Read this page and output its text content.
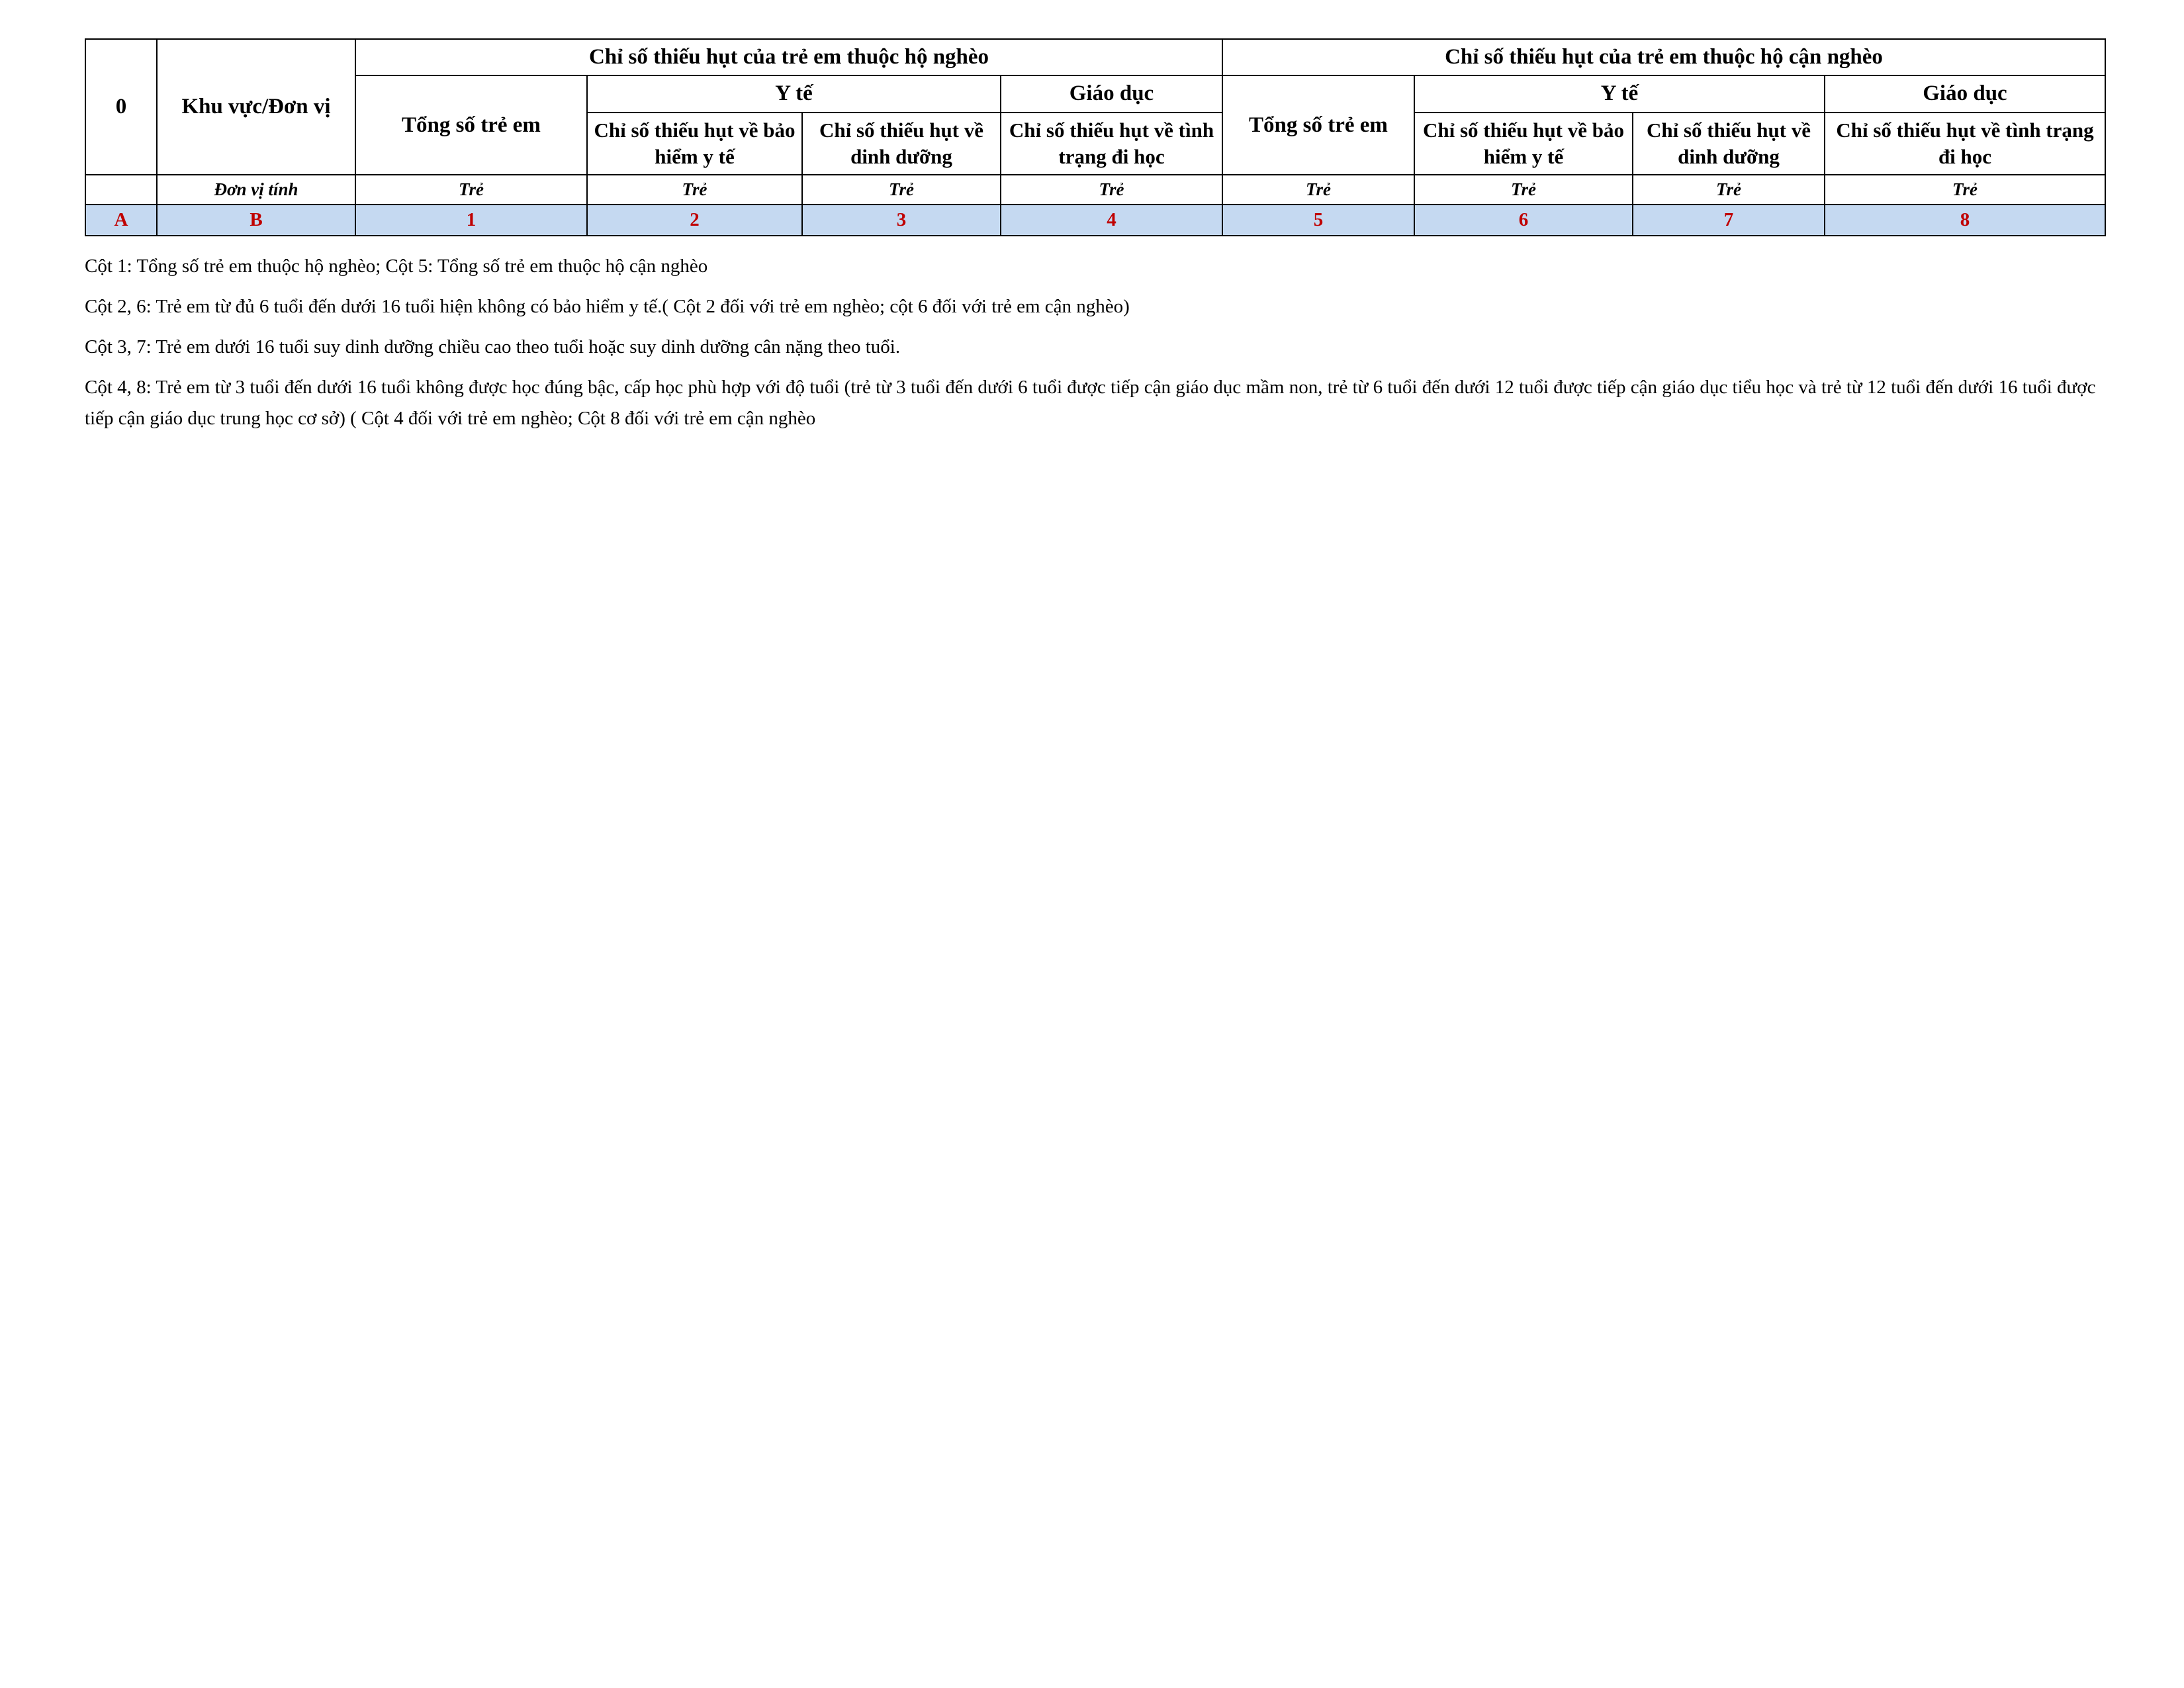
0	Khu vực/Đơn vị	Chỉ số thiếu hụt của trẻ em thuộc hộ nghèo				Chỉ số thiếu hụt của trẻ em thuộc hộ cận nghèo			
		Tổng số trẻ em	Y tế		Giáo dục	Tổng số trẻ em	Y tế		Giáo dục
			Chỉ số thiếu hụt về bảo hiểm y tế	Chỉ số thiếu hụt về dinh dưỡng	Chỉ số thiếu hụt về tình trạng đi học		Chỉ số thiếu hụt về bảo hiểm y tế	Chỉ số thiếu hụt về dinh dưỡng	Chỉ số thiếu hụt về tình trạng đi học
	Đơn vị tính	Trẻ	Trẻ	Trẻ	Trẻ	Trẻ	Trẻ	Trẻ	Trẻ
A	B	1	2	3	4	5	6	7	8

Cột 1: Tổng số trẻ em thuộc hộ nghèo; Cột 5: Tổng số trẻ em thuộc hộ cận nghèo

Cột 2, 6: Trẻ em từ đủ 6 tuổi đến dưới 16 tuổi hiện không có bảo hiểm y tế.( Cột 2 đối với trẻ em nghèo; cột 6 đối với trẻ em cận nghèo)

Cột 3, 7: Trẻ em dưới 16 tuổi suy dinh dưỡng chiều cao theo tuổi hoặc suy dinh dưỡng cân nặng theo tuổi.

Cột 4, 8: Trẻ em từ 3 tuổi đến dưới 16 tuổi không được học đúng bậc, cấp học phù hợp với độ tuổi (trẻ từ 3 tuổi đến dưới 6 tuổi được tiếp cận giáo dục mầm non, trẻ từ 6 tuổi đến dưới 12 tuổi được tiếp cận giáo dục tiểu học và trẻ từ 12 tuổi đến dưới 16 tuổi được tiếp cận giáo dục trung học cơ sở) ( Cột 4 đối với trẻ em nghèo; Cột 8 đối với trẻ em cận nghèo
